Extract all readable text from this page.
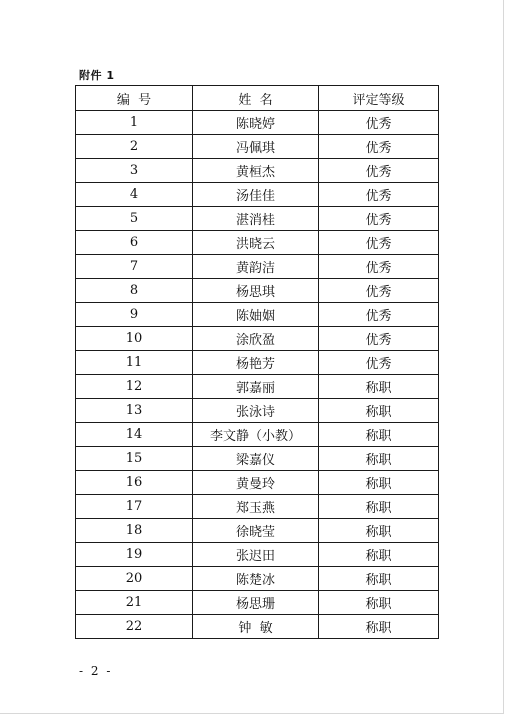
附件 1
编  号	姓  名	评定等级
1	陈晓婷	优秀
2	冯佩琪	优秀
3	黄桓杰	优秀
4	汤佳佳	优秀
5	湛消桂	优秀
6	洪晓云	优秀
7	黄韵洁	优秀
8	杨思琪	优秀
9	陈妯姻	优秀
10	涂欣盈	优秀
11	杨艳芳	优秀
12	郭嘉丽	称职
13	张泳诗	称职
14	李文静（小教）	称职
15	梁嘉仪	称职
16	黄曼玲	称职
17	郑玉燕	称职
18	徐晓莹	称职
19	张迟田	称职
20	陈楚冰	称职
21	杨思珊	称职
22	钟  敏	称职
- 2 -
